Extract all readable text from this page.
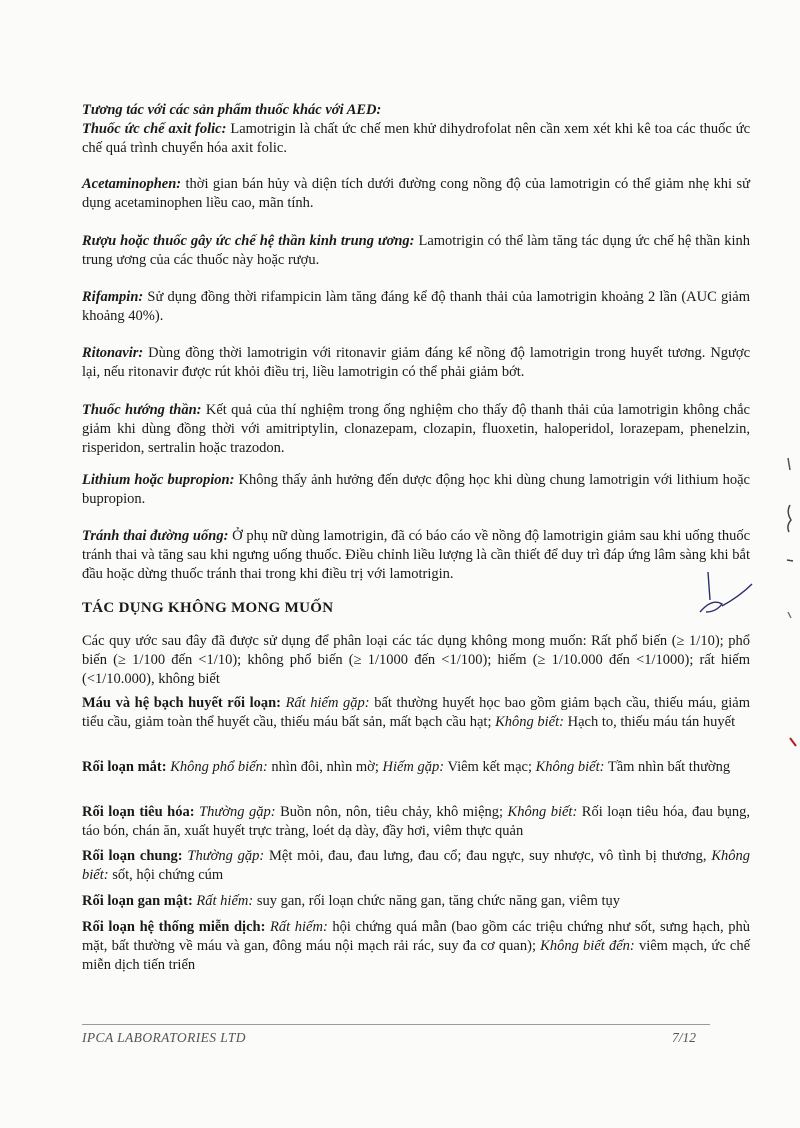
Tương tác với các sản phẩm thuốc khác với AED:
Thuốc ức chế axit folic: Lamotrigin là chất ức chế men khử dihydrofolat nên cần xem xét khi kê toa các thuốc ức chế quá trình chuyển hóa axit folic.

Acetaminophen: thời gian bán hủy và diện tích dưới đường cong nồng độ của lamotrigin có thể giảm nhẹ khi sử dụng acetaminophen liều cao, mãn tính.

Rượu hoặc thuốc gây ức chế hệ thần kinh trung ương: Lamotrigin có thể làm tăng tác dụng ức chế hệ thần kinh trung ương của các thuốc này hoặc rượu.

Rifampin: Sử dụng đồng thời rifampicin làm tăng đáng kể độ thanh thải của lamotrigin khoảng 2 lần (AUC giảm khoảng 40%).

Ritonavir: Dùng đồng thời lamotrigin với ritonavir giảm đáng kể nồng độ lamotrigin trong huyết tương. Ngược lại, nếu ritonavir được rút khỏi điều trị, liều lamotrigin có thể phải giảm bớt.

Thuốc hướng thần: Kết quả của thí nghiệm trong ống nghiệm cho thấy độ thanh thải của lamotrigin không chắc giảm khi dùng đồng thời với amitriptylin, clonazepam, clozapin, fluoxetin, haloperidol, lorazepam, phenelzin, risperidon, sertralin hoặc trazodon.

Lithium hoặc bupropion: Không thấy ảnh hưởng đến dược động học khi dùng chung lamotrigin với lithium hoặc bupropion.

Tránh thai đường uống: Ở phụ nữ dùng lamotrigin, đã có báo cáo về nồng độ lamotrigin giảm sau khi uống thuốc tránh thai và tăng sau khi ngưng uống thuốc. Điều chỉnh liều lượng là cần thiết để duy trì đáp ứng lâm sàng khi bắt đầu hoặc dừng thuốc tránh thai trong khi điều trị với lamotrigin.

TÁC DỤNG KHÔNG MONG MUỐN

Các quy ước sau đây đã được sử dụng để phân loại các tác dụng không mong muốn: Rất phổ biến (≥ 1/10); phổ biến (≥ 1/100 đến <1/10); không phổ biến (≥ 1/1000 đến <1/100); hiếm (≥ 1/10.000 đến <1/1000); rất hiếm (<1/10.000), không biết

Máu và hệ bạch huyết rối loạn: Rất hiếm gặp: bất thường huyết học bao gồm giảm bạch cầu, thiếu máu, giảm tiểu cầu, giảm toàn thể huyết cầu, thiếu máu bất sản, mất bạch cầu hạt; Không biết: Hạch to, thiếu máu tán huyết

Rối loạn mắt: Không phổ biến: nhìn đôi, nhìn mờ; Hiếm gặp: Viêm kết mạc; Không biết: Tầm nhìn bất thường

Rối loạn tiêu hóa: Thường gặp: Buồn nôn, nôn, tiêu chảy, khô miệng; Không biết: Rối loạn tiêu hóa, đau bụng, táo bón, chán ăn, xuất huyết trực tràng, loét dạ dày, đầy hơi, viêm thực quản

Rối loạn chung: Thường gặp: Mệt mỏi, đau, đau lưng, đau cổ; đau ngực, suy nhược, vô tình bị thương, Không biết: sốt, hội chứng cúm

Rối loạn gan mật: Rất hiếm: suy gan, rối loạn chức năng gan, tăng chức năng gan, viêm tụy

Rối loạn hệ thống miễn dịch: Rất hiếm: hội chứng quá mẫn (bao gồm các triệu chứng như sốt, sưng hạch, phù mặt, bất thường về máu và gan, đông máu nội mạch rải rác, suy đa cơ quan); Không biết đến: viêm mạch, ức chế miễn dịch tiến triển

IPCA LABORATORIES LTD	7/12
